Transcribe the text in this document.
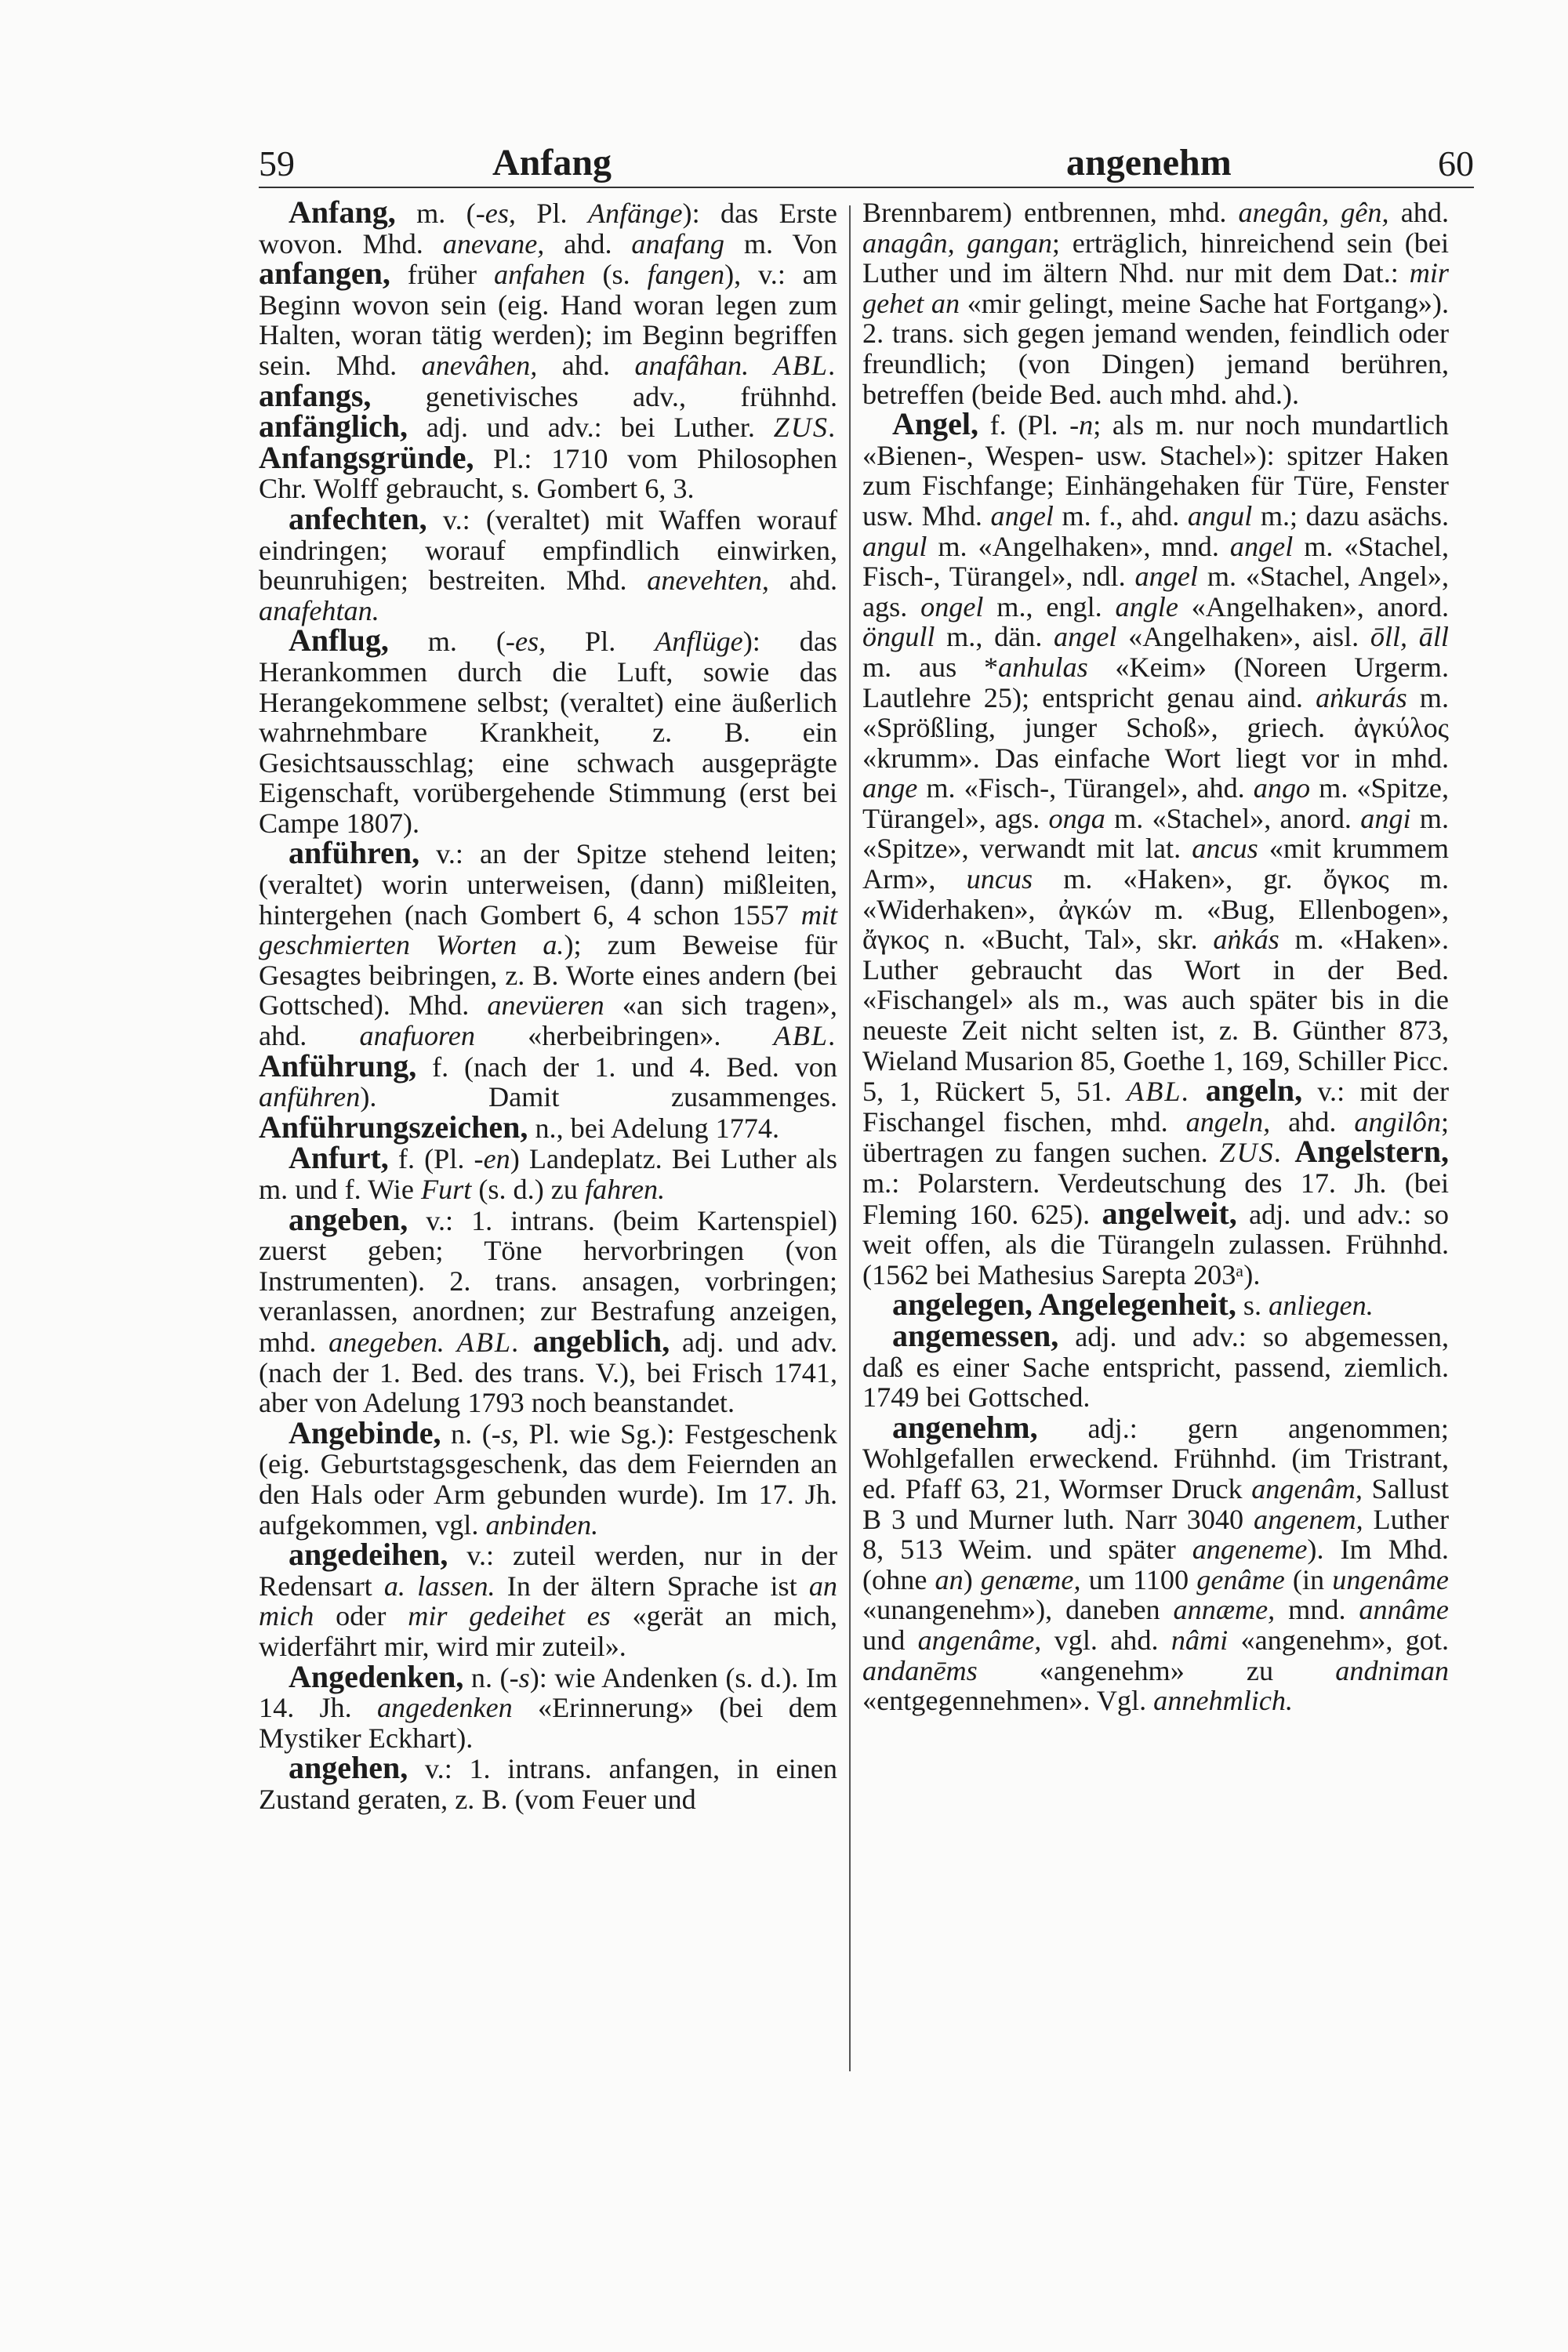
59	Anfang	angenehm	60

Anfang, m. (-es, Pl. Anfänge): das Erste wovon. Mhd. anevane, ahd. anafang m. Von anfangen, früher anfahen (s. fangen), v.: am Beginn wovon sein (eig. Hand woran legen zum Halten, woran tätig werden); im Beginn begriffen sein. Mhd. anevâhen, ahd. anafâhan. ABL. anfangs, genetivisches adv., frühnhd. anfänglich, adj. und adv.: bei Luther. ZUS. Anfangsgründe, Pl.: 1710 vom Philosophen Chr. Wolff gebraucht, s. Gombert 6, 3.

anfechten, v.: (veraltet) mit Waffen worauf eindringen; worauf empfindlich einwirken, beunruhigen; bestreiten. Mhd. anevehten, ahd. anafehtan.

Anflug, m. (-es, Pl. Anflüge): das Herankommen durch die Luft, sowie das Herangekommene selbst; (veraltet) eine äußerlich wahrnehmbare Krankheit, z. B. ein Gesichtsausschlag; eine schwach ausgeprägte Eigenschaft, vorübergehende Stimmung (erst bei Campe 1807).

anführen, v.: an der Spitze stehend leiten; (veraltet) worin unterweisen, (dann) mißleiten, hintergehen (nach Gombert 6, 4 schon 1557 mit geschmierten Worten a.); zum Beweise für Gesagtes beibringen, z. B. Worte eines andern (bei Gottsched). Mhd. anevüeren «an sich tragen», ahd. anafuoren «herbeibringen». ABL. Anführung, f. (nach der 1. und 4. Bed. von anführen). Damit zusammenges. Anführungszeichen, n., bei Adelung 1774.

Anfurt, f. (Pl. -en) Landeplatz. Bei Luther als m. und f. Wie Furt (s. d.) zu fahren.

angeben, v.: 1. intrans. (beim Kartenspiel) zuerst geben; Töne hervorbringen (von Instrumenten). 2. trans. ansagen, vorbringen; veranlassen, anordnen; zur Bestrafung anzeigen, mhd. anegeben. ABL. angeblich, adj. und adv. (nach der 1. Bed. des trans. V.), bei Frisch 1741, aber von Adelung 1793 noch beanstandet.

Angebinde, n. (-s, Pl. wie Sg.): Festgeschenk (eig. Geburtstagsgeschenk, das dem Feiernden an den Hals oder Arm gebunden wurde). Im 17. Jh. aufgekommen, vgl. anbinden.

angedeihen, v.: zuteil werden, nur in der Redensart a. lassen. In der ältern Sprache ist an mich oder mir gedeihet es «gerät an mich, widerfährt mir, wird mir zuteil».

Angedenken, n. (-s): wie Andenken (s. d.). Im 14. Jh. angedenken «Erinnerung» (bei dem Mystiker Eckhart).

angehen, v.: 1. intrans. anfangen, in einen Zustand geraten, z. B. (vom Feuer und

Brennbarem) entbrennen, mhd. anegân, gên, ahd. anagân, gangan; erträglich, hinreichend sein (bei Luther und im ältern Nhd. nur mit dem Dat.: mir gehet an «mir gelingt, meine Sache hat Fortgang»). 2. trans. sich gegen jemand wenden, feindlich oder freundlich; (von Dingen) jemand berühren, betreffen (beide Bed. auch mhd. ahd.).

Angel, f. (Pl. -n; als m. nur noch mundartlich «Bienen-, Wespen- usw. Stachel»): spitzer Haken zum Fischfange; Einhängehaken für Türe, Fenster usw. Mhd. angel m. f., ahd. angul m.; dazu asächs. angul m. «Angelhaken», mnd. angel m. «Stachel, Fisch-, Türangel», ndl. angel m. «Stachel, Angel», ags. ongel m., engl. angle «Angelhaken», anord. öngull m., dän. angel «Angelhaken», aisl. ōll, āll m. aus *anhulas «Keim» (Noreen Urgerm. Lautlehre 25); entspricht genau aind. aṅkurás m. «Sprößling, junger Schoß», griech. ἀγκύλος «krumm». Das einfache Wort liegt vor in mhd. ange m. «Fisch-, Türangel», ahd. ango m. «Spitze, Türangel», ags. onga m. «Stachel», anord. angi m. «Spitze», verwandt mit lat. ancus «mit krummem Arm», uncus m. «Haken», gr. ὄγκος m. «Widerhaken», ἀγκών m. «Bug, Ellenbogen», ἄγκος n. «Bucht, Tal», skr. aṅkás m. «Haken». Luther gebraucht das Wort in der Bed. «Fischangel» als m., was auch später bis in die neueste Zeit nicht selten ist, z. B. Günther 873, Wieland Musarion 85, Goethe 1, 169, Schiller Picc. 5, 1, Rückert 5, 51. ABL. angeln, v.: mit der Fischangel fischen, mhd. angeln, ahd. angilôn; übertragen zu fangen suchen. ZUS. Angelstern, m.: Polarstern. Verdeutschung des 17. Jh. (bei Fleming 160. 625). angelweit, adj. und adv.: so weit offen, als die Türangeln zulassen. Frühnhd. (1562 bei Mathesius Sarepta 203ᵃ).

angelegen, Angelegenheit, s. anliegen.

angemessen, adj. und adv.: so abgemessen, daß es einer Sache entspricht, passend, ziemlich. 1749 bei Gottsched.

angenehm, adj.: gern angenommen; Wohlgefallen erweckend. Frühnhd. (im Tristrant, ed. Pfaff 63, 21, Wormser Druck angenâm, Sallust B 3 und Murner luth. Narr 3040 angenem, Luther 8, 513 Weim. und später angeneme). Im Mhd. (ohne an) genæme, um 1100 genâme (in ungenâme «unangenehm»), daneben annæme, mnd. annâme und angenâme, vgl. ahd. nâmi «angenehm», got. andanēms «angenehm» zu andniman «entgegennehmen». Vgl. annehmlich.
